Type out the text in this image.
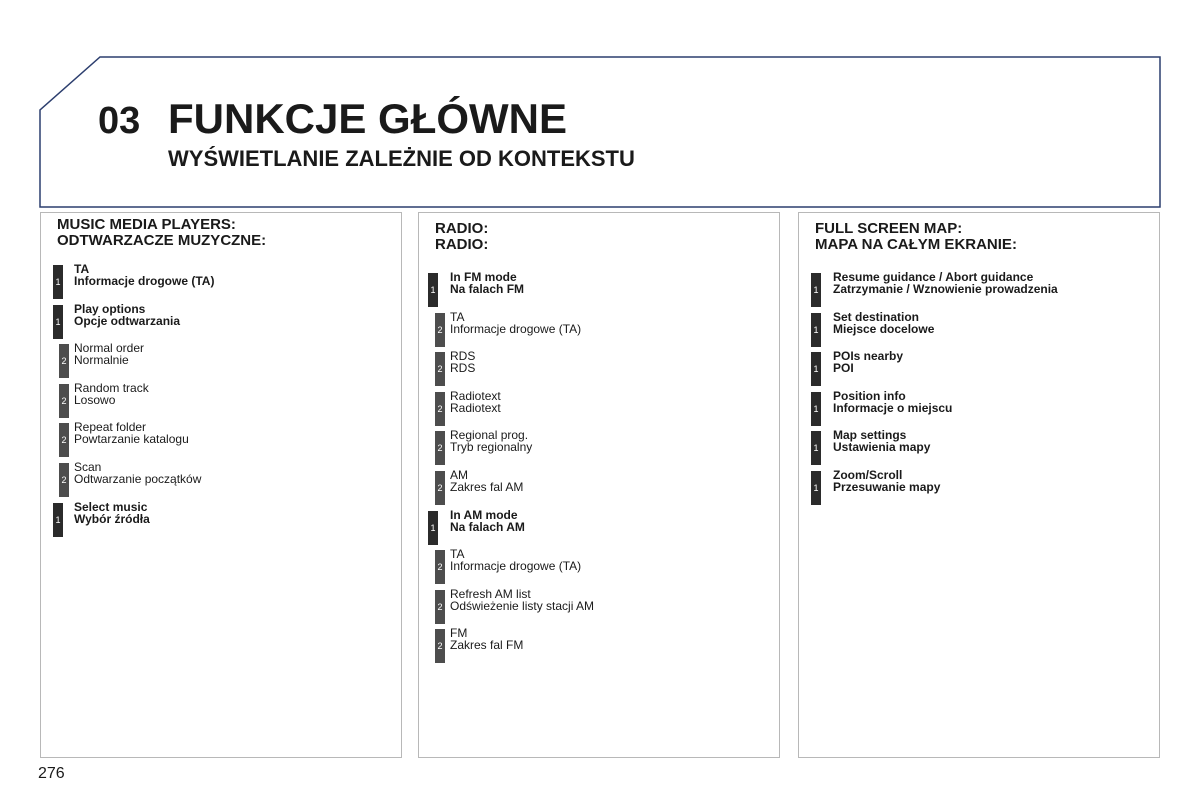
03 FUNKCJE GŁÓWNE
WYŚWIETLANIE ZALEŻNIE OD KONTEKSTU
MUSIC MEDIA PLAYERS:
ODTWARZACZE MUZYCZNE:
1
TA
Informacje drogowe (TA)
1
Play options
Opcje odtwarzania
2
Normal order
Normalnie
2
Random track
Losowo
2
Repeat folder
Powtarzanie katalogu
2
Scan
Odtwarzanie początków
1
Select music
Wybór źródła
RADIO:
RADIO:
1
In FM mode
Na falach FM
2
TA
Informacje drogowe (TA)
2
RDS
RDS
2
Radiotext
Radiotext
2
Regional prog.
Tryb regionalny
2
AM
Zakres fal AM
1
In AM mode
Na falach AM
2
TA
Informacje drogowe (TA)
2
Refresh AM list
Odświeżenie listy stacji AM
2
FM
Zakres fal FM
FULL SCREEN MAP:
MAPA NA CAŁYM EKRANIE:
1
Resume guidance / Abort guidance
Zatrzymanie / Wznowienie prowadzenia
1
Set destination
Miejsce docelowe
1
POIs nearby
POI
1
Position info
Informacje o miejscu
1
Map settings
Ustawienia mapy
1
Zoom/Scroll
Przesuwanie mapy

276
